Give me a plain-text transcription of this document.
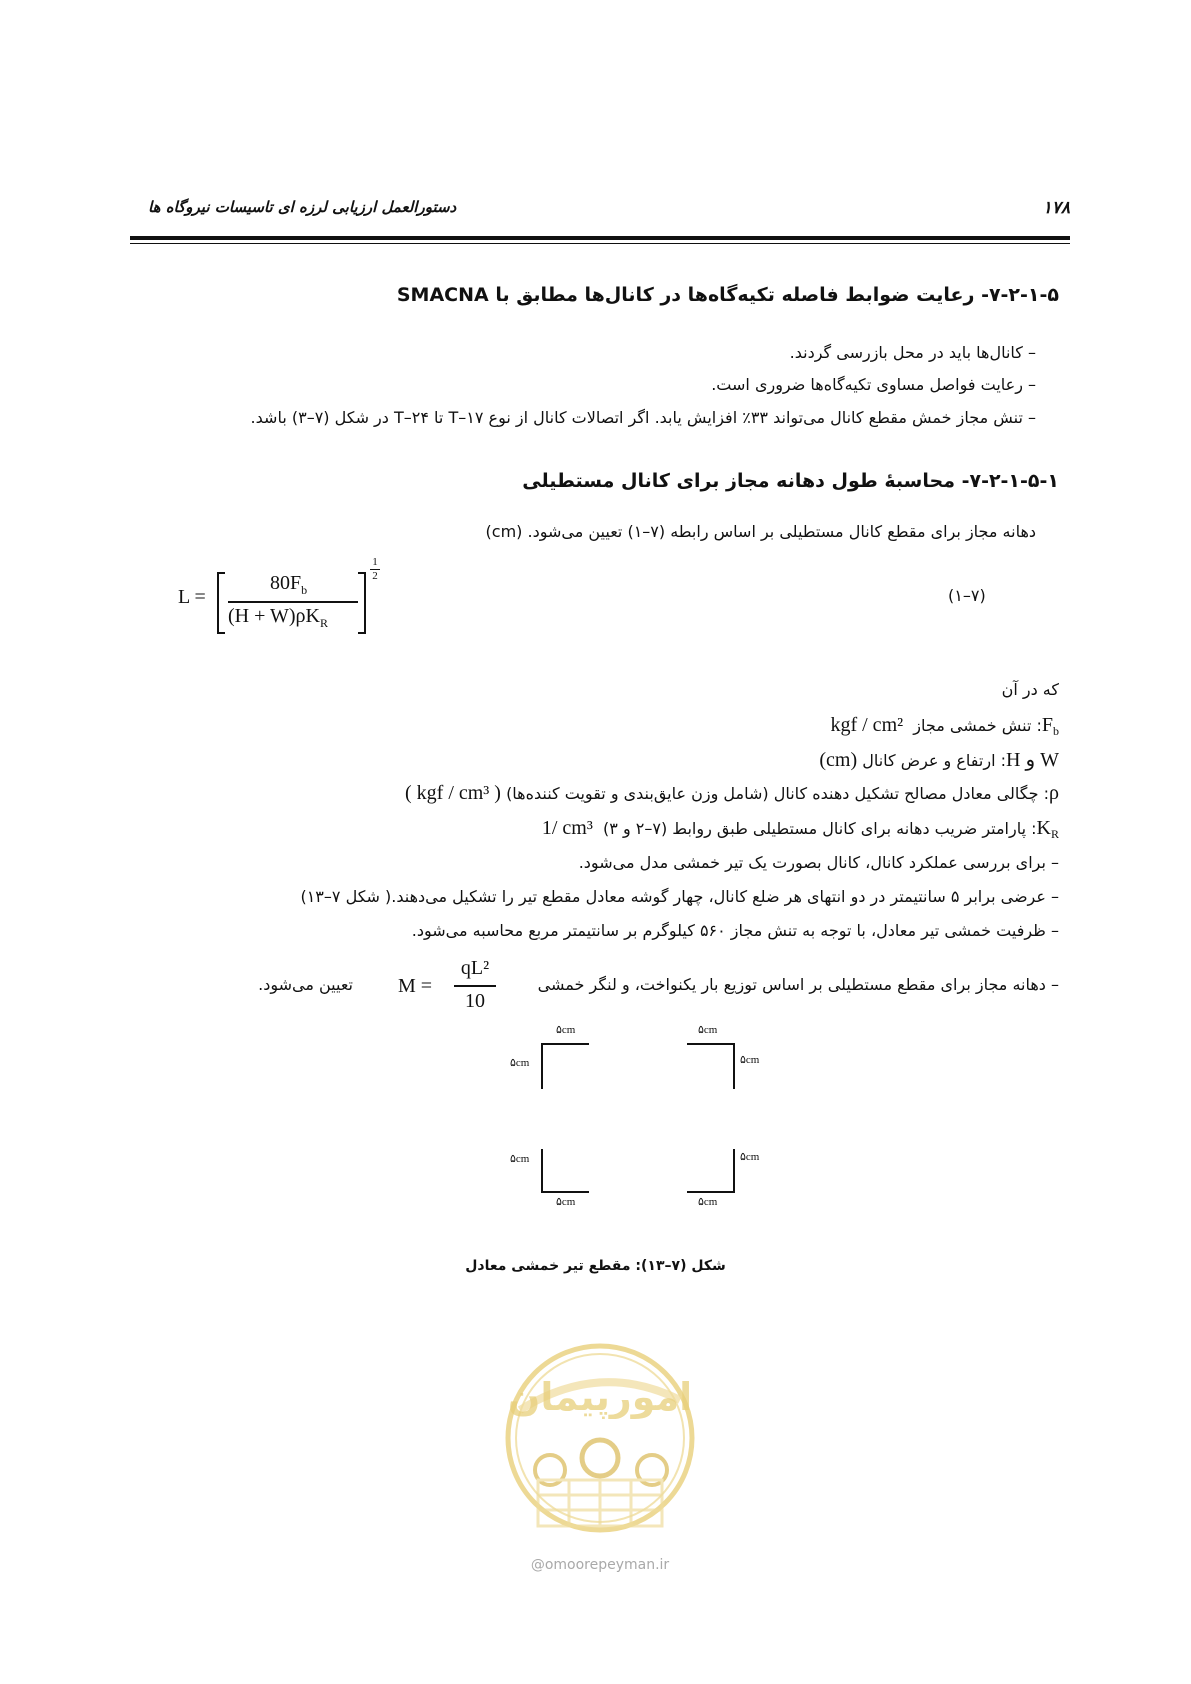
۱۷۸
دستورالعمل ارزیابی لرزه ای تاسیسات نیروگاه ها
۷-۲-۱-۵- رعایت ضوابط فاصله تکیه‌گاه‌ها در کانال‌ها مطابق با SMACNA
– کانال‌ها باید در محل بازرسی گردند.
– رعایت فواصل مساوی تکیه‌گاه‌ها ضروری است.
– تنش مجاز خمش مقطع کانال می‌تواند ۳۳٪ افزایش یابد. اگر اتصالات کانال از نوع T–۱۷ تا T–۲۴ در شکل (۷–۳) باشد.
۷-۲-۱-۵-۱- محاسبهٔ طول دهانه مجاز برای کانال مستطیلی
دهانه مجاز برای مقطع کانال مستطیلی بر اساس رابطه (۷–۱) تعیین می‌شود. (cm)
L =
$80F_b$
$(H + W)\rho K_R$
1
2
(۷–۱)
که در آن
$F_b$: تنش خمشی مجاز  kgf / cm²
W و H: ارتفاع و عرض کانال (cm)
ρ: چگالی معادل مصالح تشکیل دهنده کانال (شامل وزن عایق‌بندی و تقویت کننده‌ها) ( kgf / cm³ )
$K_R$: پارامتر ضریب دهانه برای کانال مستطیلی طبق روابط (۷–۲ و ۳)  1/ cm³
– برای بررسی عملکرد کانال، کانال بصورت یک تیر خمشی مدل می‌شود.
– عرضی برابر ۵ سانتیمتر در دو انتهای هر ضلع کانال، چهار گوشه معادل مقطع تیر را تشکیل می‌دهند.( شکل ۷–۱۳)
– ظرفیت خمشی تیر معادل، با توجه به تنش مجاز ۵۶۰ کیلوگرم بر سانتیمتر مربع محاسبه می‌شود.
– دهانه مجاز برای مقطع مستطیلی بر اساس توزیع بار یکنواخت، و لنگر خمشی
M =
qL²
10
تعیین می‌شود.
۵cm
۵cm
۵cm
۵cm
۵cm
۵cm
۵cm
۵cm
شکل (۷–۱۳): مقطع تیر خمشی معادل
امورپیمان
@omoorepeyman.ir
